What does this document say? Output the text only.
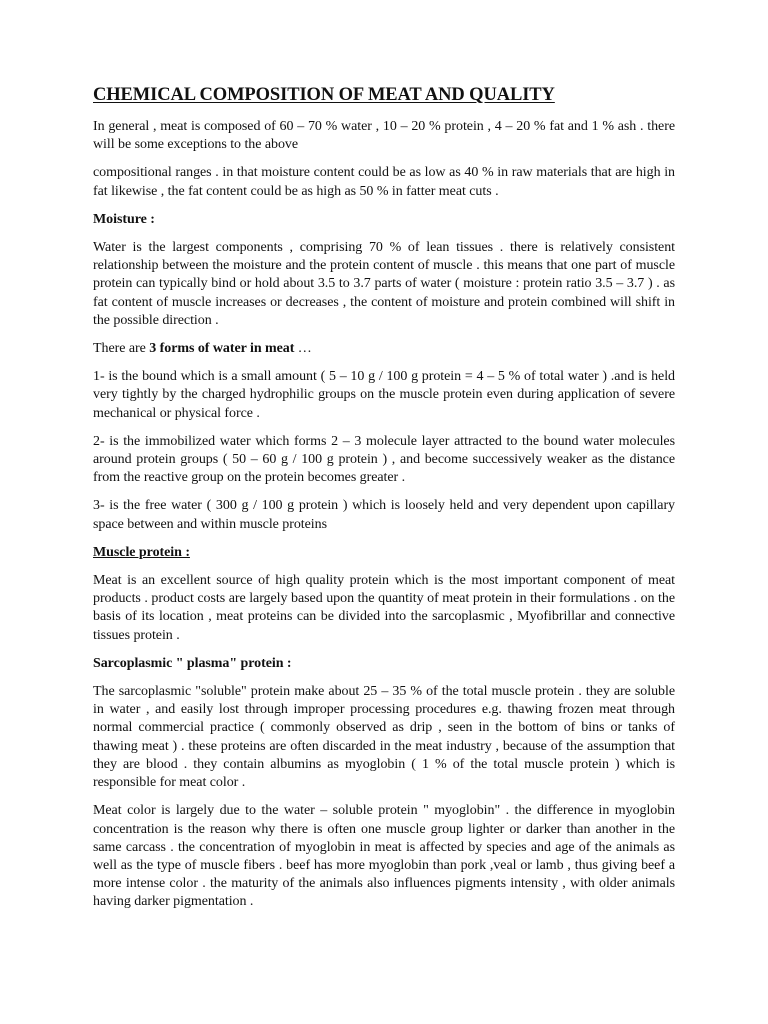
CHEMICAL COMPOSITION OF MEAT AND QUALITY

In general , meat is composed of 60 – 70 % water , 10 – 20 % protein , 4 – 20 % fat and 1 % ash . there will be some exceptions to the above

compositional ranges . in that moisture content could be as low as 40 % in raw materials that are high in fat likewise , the fat content could be as high as 50 % in fatter meat cuts .

Moisture :

Water is the largest components , comprising 70 % of lean tissues . there is relatively consistent relationship between the moisture and the protein content of muscle . this means that one part of muscle protein can typically bind or hold about 3.5 to 3.7 parts of water ( moisture : protein ratio 3.5 – 3.7 ) . as fat content of muscle increases or decreases , the content of moisture and protein combined will shift in the possible direction .

There are 3 forms of water in meat …

1- is the bound which is a small amount ( 5 – 10 g / 100 g protein = 4 – 5 % of total water ) .and is held very tightly by the charged hydrophilic groups on the muscle protein even during application of severe mechanical or physical force .

2- is the immobilized water which forms 2 – 3 molecule layer attracted to the bound water molecules around protein groups ( 50 – 60 g / 100 g protein ) , and become successively weaker as the distance from the reactive group on the protein becomes greater .

3- is the free water ( 300 g / 100 g protein ) which is loosely held and very dependent upon capillary space between and within muscle proteins

Muscle protein :

Meat is an excellent source of high quality protein which is the most important component of meat products . product costs are largely based upon the quantity of meat protein in their formulations . on the basis of its location , meat proteins can be divided into the sarcoplasmic , Myofibrillar and connective tissues protein .

Sarcoplasmic " plasma" protein :

The sarcoplasmic "soluble" protein make about 25 – 35 % of the total muscle protein . they are soluble in water , and easily lost through improper processing procedures e.g. thawing frozen meat through normal commercial practice ( commonly observed as drip , seen in the bottom of bins or tanks of thawing meat ) . these proteins are often discarded in the meat industry , because of the assumption that they are blood . they contain albumins as myoglobin ( 1 % of the total muscle protein ) which is responsible for meat color .

Meat color is largely due to the water – soluble protein " myoglobin" . the difference in myoglobin concentration is the reason why there is often one muscle group lighter or darker than another in the same carcass . the concentration of myoglobin in meat is affected by species and age of the animals as well as the type of muscle fibers . beef has more myoglobin than pork ,veal or lamb , thus giving beef a more intense color . the maturity of the animals also influences pigments intensity , with older animals having darker pigmentation .
